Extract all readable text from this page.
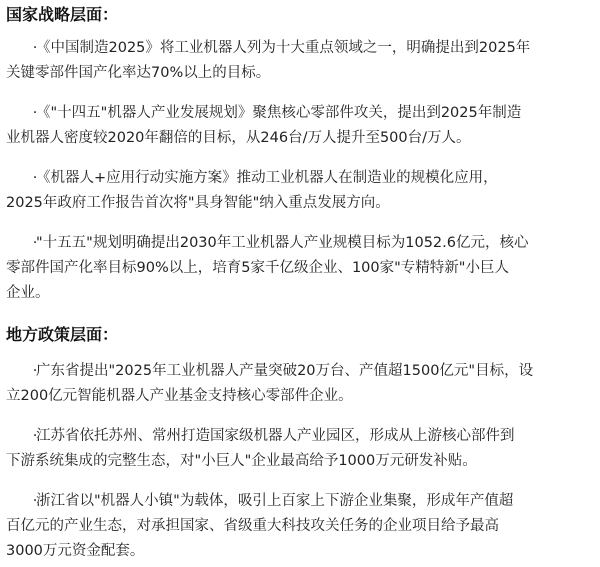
国家战略层面：
·
《中国制造2025》将工业机器人列为十大重点领域之一，明确提出到2025年
关键零部件国产化率达70%以上的目标。
·
《"十四五"机器人产业发展规划》聚焦核心零部件攻关，提出到2025年制造
业机器人密度较2020年翻倍的目标，从246台/万人提升至500台/万人。
·
《机器人+应用行动实施方案》推动工业机器人在制造业的规模化应用，
2025年政府工作报告首次将"具身智能"纳入重点发展方向。
·
"十五五"规划明确提出2030年工业机器人产业规模目标为1052.6亿元，核心
零部件国产化率目标90%以上，培育5家千亿级企业、100家"专精特新"小巨人
企业。
地方政策层面：
·
广东省提出"2025年工业机器人产量突破20万台、产值超1500亿元"目标，设
立200亿元智能机器人产业基金支持核心零部件企业。
·
江苏省依托苏州、常州打造国家级机器人产业园区，形成从上游核心部件到
下游系统集成的完整生态，对"小巨人"企业最高给予1000万元研发补贴。
·
浙江省以"机器人小镇"为载体，吸引上百家上下游企业集聚，形成年产值超
百亿元的产业生态，对承担国家、省级重大科技攻关任务的企业项目给予最高
3000万元资金配套。
